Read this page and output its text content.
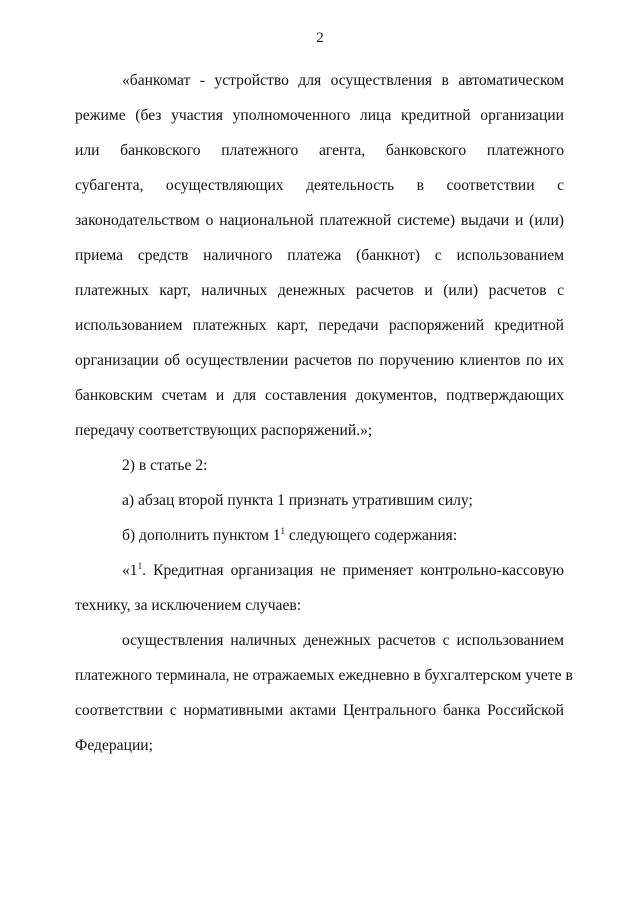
2
«банкомат - устройство для осуществления в автоматическом
режиме (без участия уполномоченного лица кредитной организации
или банковского платежного агента, банковского платежного
субагента, осуществляющих деятельность в соответствии с
законодательством о национальной платежной системе) выдачи и (или)
приема средств наличного платежа (банкнот) с использованием
платежных карт, наличных денежных расчетов и (или) расчетов с
использованием платежных карт, передачи распоряжений кредитной
организации об осуществлении расчетов по поручению клиентов по их
банковским счетам и для составления документов, подтверждающих
передачу соответствующих распоряжений.»;
2) в статье 2:
а) абзац второй пункта 1 признать утратившим силу;
б) дополнить пунктом $1^1$ следующего содержания:
«$1^1$. Кредитная организация не применяет контрольно-кассовую
технику, за исключением случаев:
осуществления наличных денежных расчетов с использованием
платежного терминала, не отражаемых ежедневно в бухгалтерском учете в
соответствии с нормативными актами Центрального банка Российской
Федерации;
